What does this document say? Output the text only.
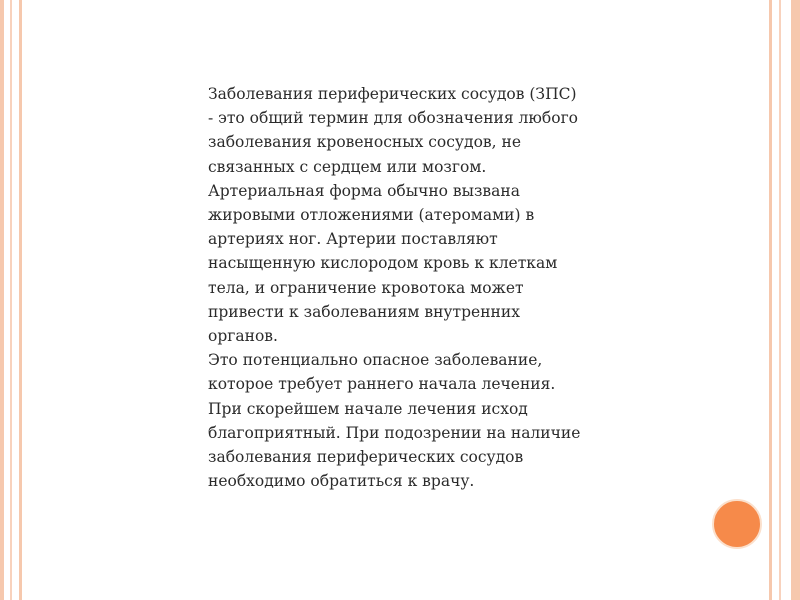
Заболевания периферических сосудов (ЗПС)
- это общий термин для обозначения любого
заболевания кровеносных сосудов, не
связанных с сердцем или мозгом.
Артериальная форма обычно вызвана
жировыми отложениями (атеромами) в
артериях ног. Артерии поставляют
насыщенную кислородом кровь к клеткам
тела, и ограничение кровотока может
привести к заболеваниям внутренних
органов.
Это потенциально опасное заболевание,
которое требует раннего начала лечения.
При скорейшем начале лечения исход
благоприятный. При подозрении на наличие
заболевания периферических сосудов
необходимо обратиться к врачу.
